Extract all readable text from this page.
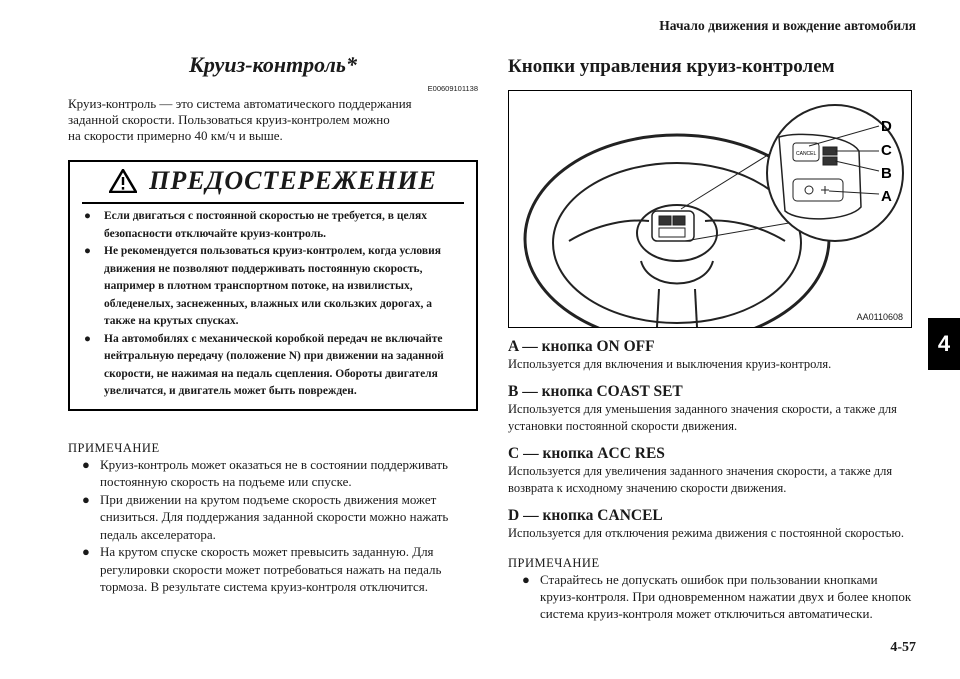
Начало движения и вождение автомобиля
4
4-57
Круиз-контроль*
E00609101138
Круиз-контроль — это система автоматического поддержания
заданной скорости. Пользоваться круиз-контролем можно
на скорости примерно 40 км/ч и выше.
ПРЕДОСТЕРЕЖЕНИЕ
● Если двигаться с постоянной скоростью не требуется, в целях безопасности отключайте круиз-контроль.
● Не рекомендуется пользоваться круиз-контролем, когда условия движения не позволяют поддерживать постоянную скорость, например в плотном транспортном потоке, на извилистых, обледенелых, заснеженных, влажных или скользких дорогах, а также на крутых спусках.
● На автомобилях с механической коробкой передач не включайте нейтральную передачу (положение N) при движении на заданной скорости, не нажимая на педаль сцепления. Обороты двигателя увеличатся, и двигатель может быть поврежден.
ПРИМЕЧАНИЕ
● Круиз-контроль может оказаться не в состоянии поддерживать постоянную скорость на подъеме или спуске.
● При движении на крутом подъеме скорость движения может снизиться. Для поддержания заданной скорости можно нажать педаль акселератора.
● На крутом спуске скорость может превысить заданную. Для регулировки скорости может потребоваться нажать на педаль тормоза. В результате система круиз-контроля отключится.
Кнопки управления круиз-контролем
CANCEL
D
C
B
A
AA0110608
A — кнопка ON OFF
Используется для включения и выключения круиз-контроля.
B — кнопка COAST SET
Используется для уменьшения заданного значения скорости, а также для установки постоянной скорости движения.
C — кнопка ACC RES
Используется для увеличения заданного значения скорости, а также для возврата к исходному значению скорости движения.
D — кнопка CANCEL
Используется для отключения режима движения с постоянной скоростью.
ПРИМЕЧАНИЕ
● Старайтесь не допускать ошибок при пользовании кнопками круиз-контроля. При одновременном нажатии двух и более кнопок система круиз-контроля может отключиться автоматически.
